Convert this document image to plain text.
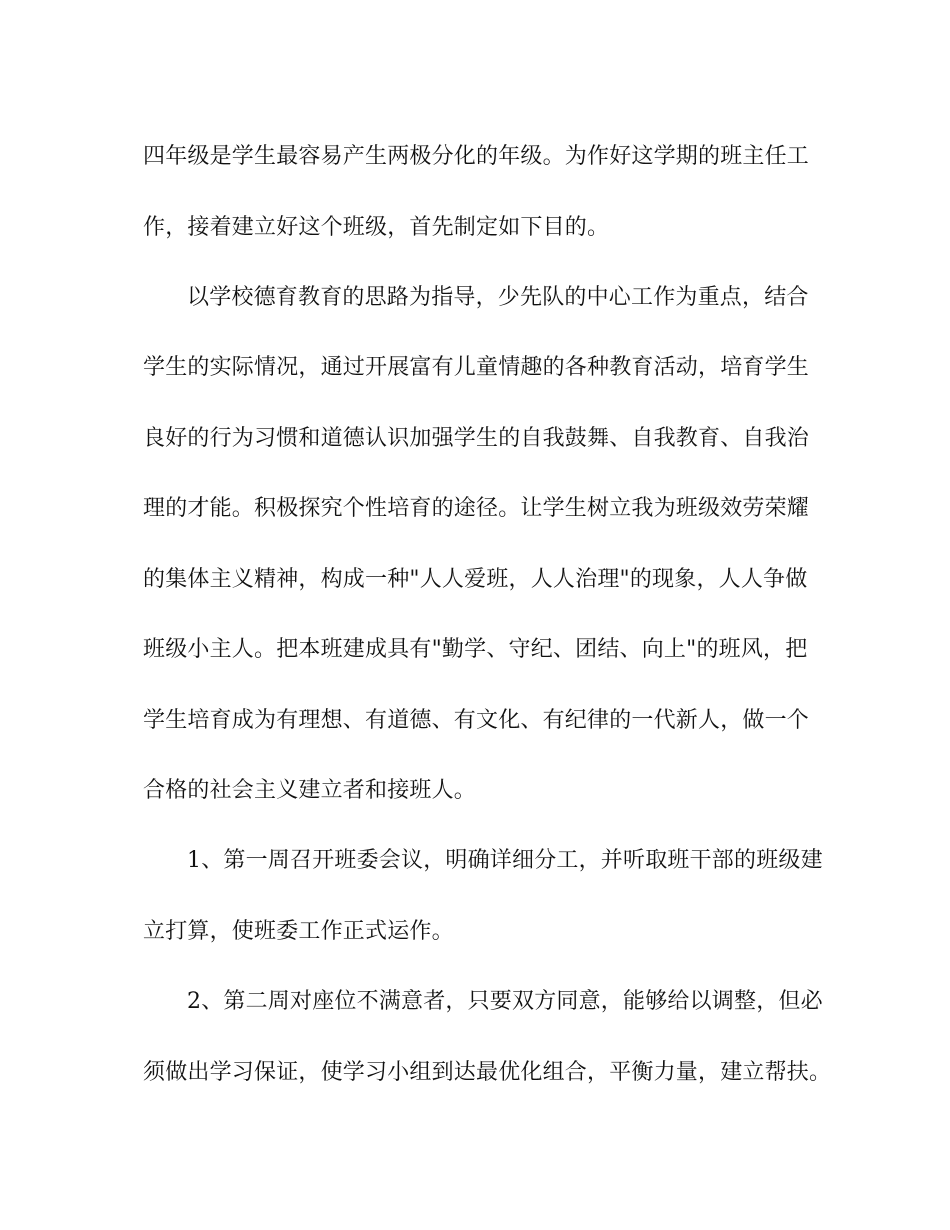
四年级是学生最容易产生两极分化的年级。为作好这学期的班主任工
作，接着建立好这个班级，首先制定如下目的。
以学校德育教育的思路为指导，少先队的中心工作为重点，结合
学生的实际情况，通过开展富有儿童情趣的各种教育活动，培育学生
良好的行为习惯和道德认识加强学生的自我鼓舞、自我教育、自我治
理的才能。积极探究个性培育的途径。让学生树立我为班级效劳荣耀
的集体主义精神，构成一种"人人爱班，人人治理"的现象，人人争做
班级小主人。把本班建成具有"勤学、守纪、团结、向上"的班风，把
学生培育成为有理想、有道德、有文化、有纪律的一代新人，做一个
合格的社会主义建立者和接班人。
1、第一周召开班委会议，明确详细分工，并听取班干部的班级建
立打算，使班委工作正式运作。
2、第二周对座位不满意者，只要双方同意，能够给以调整，但必
须做出学习保证，使学习小组到达最优化组合，平衡力量，建立帮扶。
